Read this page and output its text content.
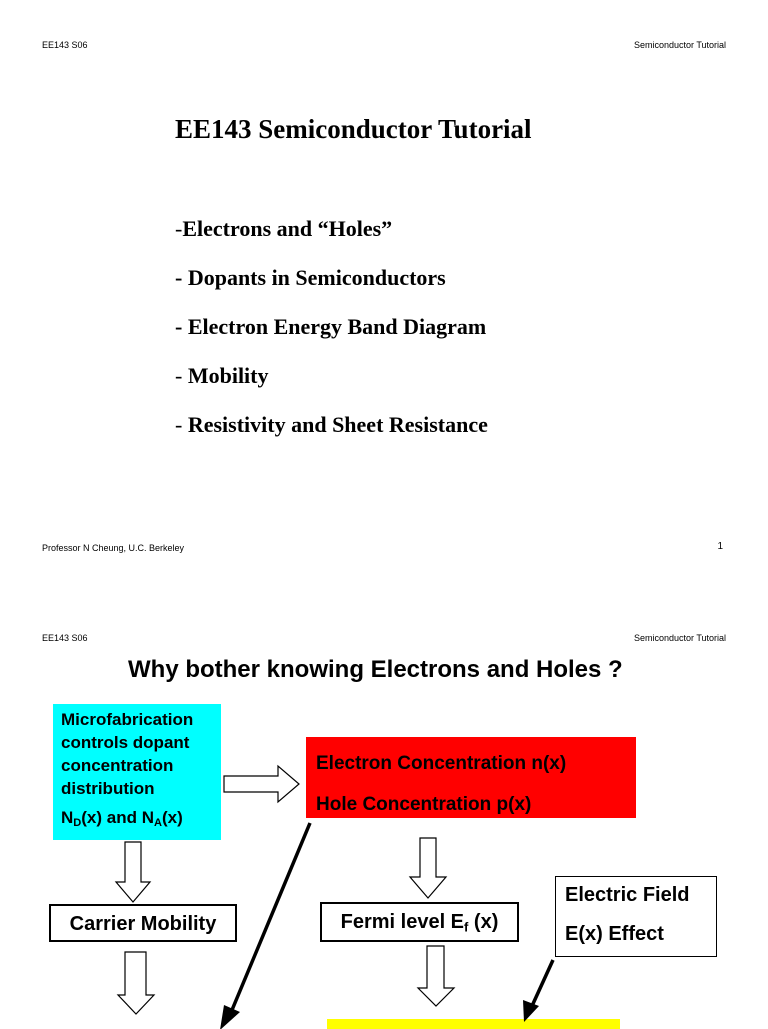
EE143 S06	Semiconductor Tutorial
EE143 Semiconductor Tutorial
-Electrons and “Holes”
- Dopants in Semiconductors
- Electron Energy Band Diagram
- Mobility
- Resistivity and Sheet Resistance
Professor N Cheung, U.C. Berkeley	1
EE143 S06	Semiconductor Tutorial
Why bother knowing Electrons and Holes ?
Microfabrication
controls dopant
concentration
distribution
$N_D(x)$ and $N_A(x)$
Electron Concentration n(x)
Hole Concentration p(x)
Carrier Mobility	Fermi level $E_f$ (x)
Electric Field
E(x) Effect
